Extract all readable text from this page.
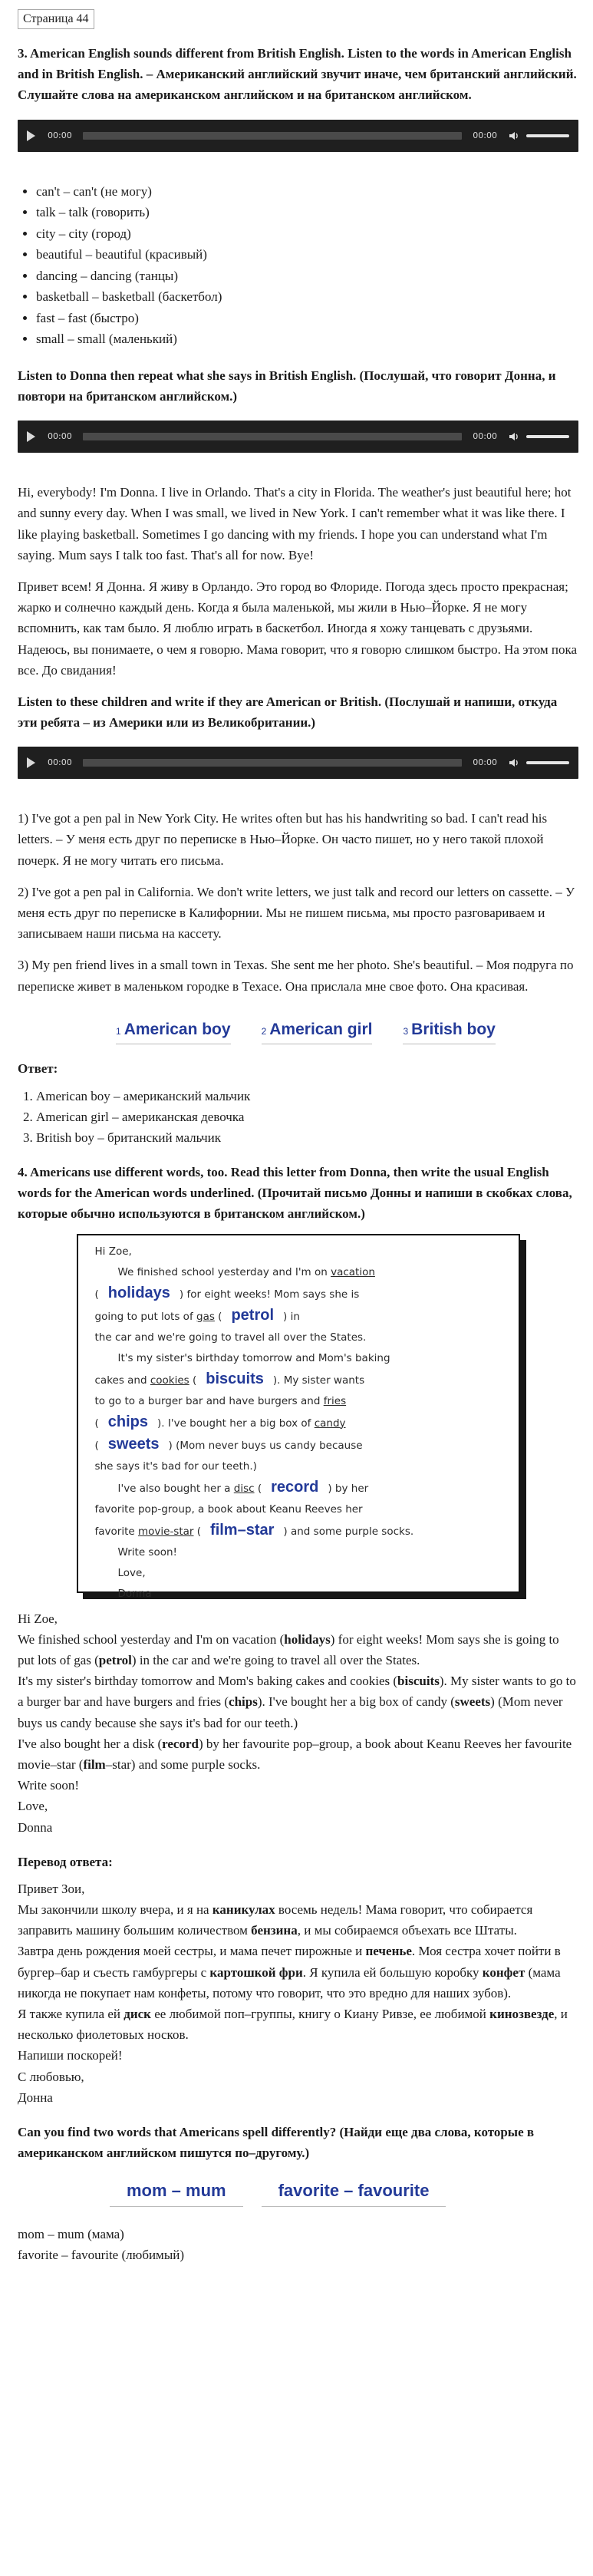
Страница 44

3. American English sounds different from British English. Listen to the words in American English and in British English. – Американский английский звучит иначе, чем британский английский. Слушайте слова на американском английском и на британском английском.

00:00	00:00
• can't – can't (не могу)
• talk – talk (говорить)
• city – city (город)
• beautiful – beautiful (красивый)
• dancing – dancing (танцы)
• basketball – basketball (баскетбол)
• fast – fast (быстро)
• small – small (маленький)

Listen to Donna then repeat what she says in British English. (Послушай, что говорит Донна, и повтори на британском английском.)

00:00	00:00

Hi, everybody! I'm Donna. I live in Orlando. That's a city in Florida. The weather's just beautiful here; hot and sunny every day. When I was small, we lived in New York. I can't remember what it was like there. I like playing basketball. Sometimes I go dancing with my friends. I hope you can understand what I'm saying. Mum says I talk too fast. That's all for now. Bye!

Привет всем! Я Донна. Я живу в Орландо. Это город во Флориде. Погода здесь просто прекрасная; жарко и солнечно каждый день. Когда я была маленькой, мы жили в Нью–Йорке. Я не могу вспомнить, как там было. Я люблю играть в баскетбол. Иногда я хожу танцевать с друзьями. Надеюсь, вы понимаете, о чем я говорю. Мама говорит, что я говорю слишком быстро. На этом пока все. До свидания!

Listen to these children and write if they are American or British. (Послушай и напиши, откуда эти ребята – из Америки или из Великобритании.)

00:00	00:00

1) I've got a pen pal in New York City. He writes often but has his handwriting so bad. I can't read his letters. – У меня есть друг по переписке в Нью–Йорке. Он часто пишет, но у него такой плохой почерк. Я не могу читать его письма.

2) I've got a pen pal in California. We don't write letters, we just talk and record our letters on cassette. – У меня есть друг по переписке в Калифорнии. Мы не пишем письма, мы просто разговариваем и записываем наши письма на кассету.

3) My pen friend lives in a small town in Texas. She sent me her photo. She's beautiful. – Моя подруга по переписке живет в маленьком городке в Техасе. Она прислала мне свое фото. Она красивая.

1 American boy	2 American girl	3 British boy

Ответ:

1. American boy – американский мальчик
2. American girl – американская девочка
3. British boy – британский мальчик

4. Americans use different words, too. Read this letter from Donna, then write the usual English words for the American words underlined. (Прочитай письмо Донны и напиши в скобках слова, которые обычно используются в британском английском.)

Hi Zoe,
We finished school yesterday and I'm on vacation
( holidays ) for eight weeks! Mom says she is
going to put lots of gas ( petrol ) in
the car and we're going to travel all over the States.
It's my sister's birthday tomorrow and Mom's baking
cakes and cookies ( biscuits ). My sister wants
to go to a burger bar and have burgers and fries
( chips ). I've bought her a big box of candy
( sweets ) (Mom never buys us candy because
she says it's bad for our teeth.)
I've also bought her a disc ( record ) by her
favorite pop-group, a book about Keanu Reeves her
favorite movie-star ( film–star ) and some purple socks.
Write soon!
Love,
Donna

Hi Zoe,

We finished school yesterday and I'm on vacation (holidays) for eight weeks! Mom says she is going to put lots of gas (petrol) in the car and we're going to travel all over the States.

It's my sister's birthday tomorrow and Mom's baking cakes and cookies (biscuits). My sister wants to go to a burger bar and have burgers and fries (chips). I've bought her a big box of candy (sweets) (Mom never buys us candy because she says it's bad for our teeth.)

I've also bought her a disk (record) by her favourite pop–group, a book about Keanu Reeves her favourite movie–star (film–star) and some purple socks.

Write soon!

Love,

Donna

Перевод ответа:

Привет Зои,

Мы закончили школу вчера, и я на каникулах восемь недель! Мама говорит, что собирается заправить машину большим количеством бензина, и мы собираемся объехать все Штаты.

Завтра день рождения моей сестры, и мама печет пирожные и печенье. Моя сестра хочет пойти в бургер–бар и съесть гамбургеры с картошкой фри. Я купила ей большую коробку конфет (мама никогда не покупает нам конфеты, потому что говорит, что это вредно для наших зубов).

Я также купила ей диск ее любимой поп–группы, книгу о Киану Ривзе, ее любимой кинозвезде, и несколько фиолетовых носков.

Напиши поскорей!

С любовью,

Донна

Can you find two words that Americans spell differently? (Найди еще два слова, которые в американском английском пишутся по–другому.)

mom – mum	favorite – favourite

mom – mum (мама)

favorite – favourite (любимый)
